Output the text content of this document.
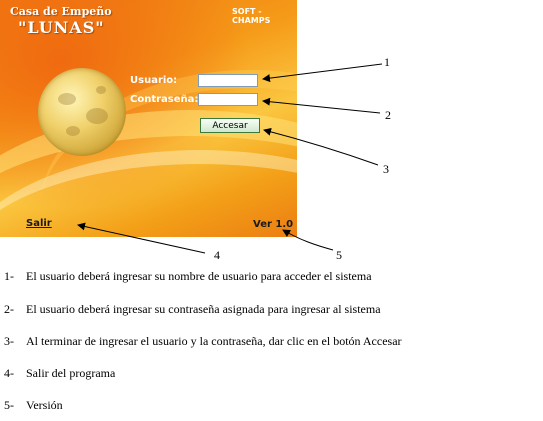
Casa de Empeño
"LUNAS"
SOFT - CHAMPS
Usuario:
Contraseña:
Accesar
Salir	Ver 1.0
1
2
3
4	5
1- El usuario deberá ingresar su nombre de usuario para acceder el sistema
2- El usuario deberá ingresar su contraseña asignada para ingresar al sistema
3- Al terminar de ingresar el usuario y la contraseña, dar clic en el botón Accesar
4- Salir del programa
5- Versión
